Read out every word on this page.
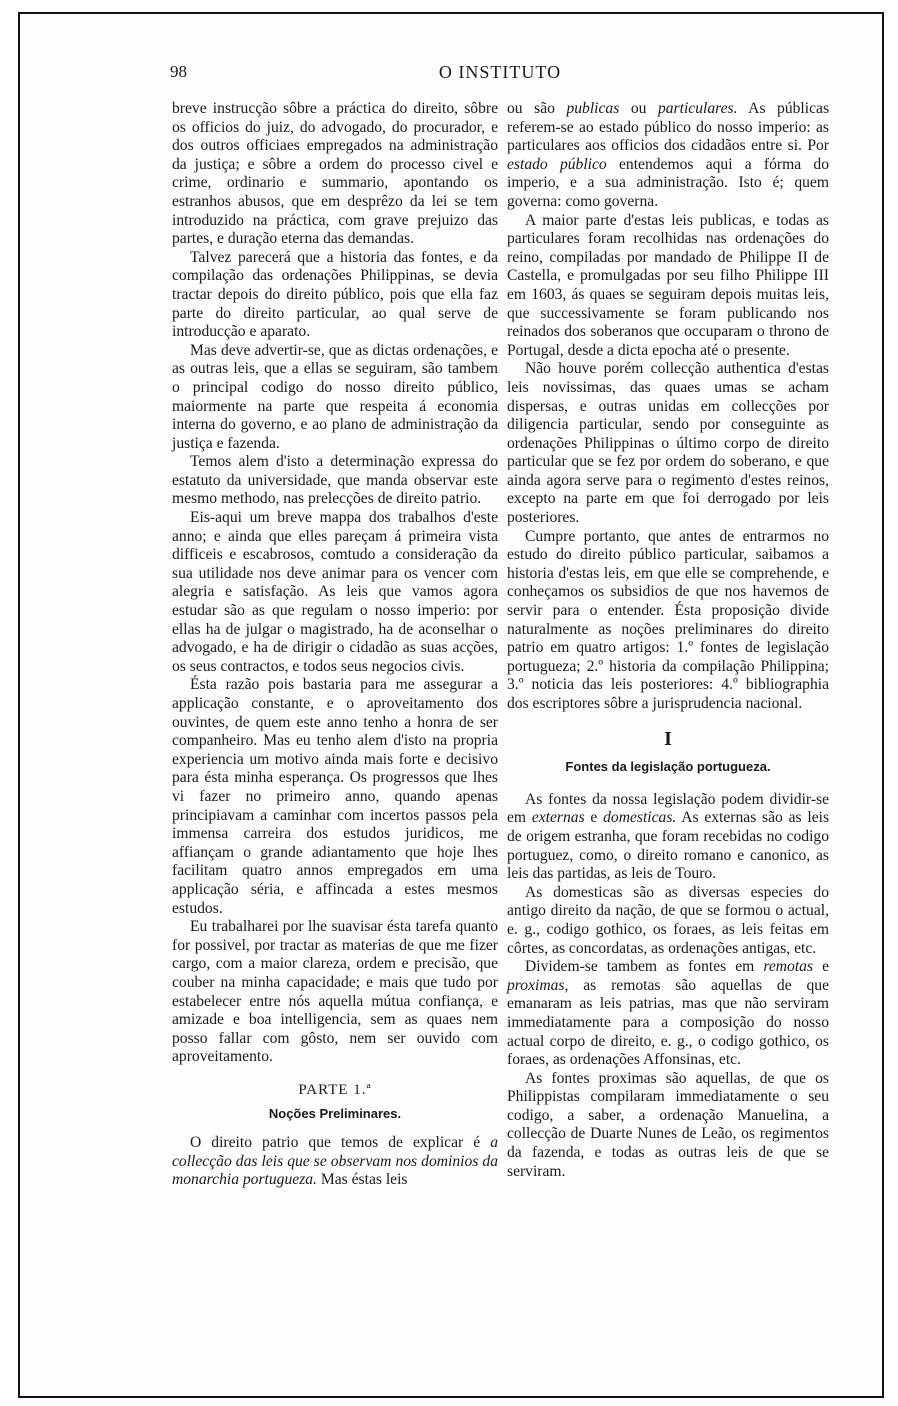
98	O INSTITUTO

breve instrucção sôbre a práctica do direito, sôbre os officios do juiz, do advogado, do procurador, e dos outros officiaes empregados na administração da justiça; e sôbre a ordem do processo civel e crime, ordinario e summario, apontando os estranhos abusos, que em desprêzo da lei se tem introduzido na práctica, com grave prejuizo das partes, e duração eterna das demandas.

Talvez parecerá que a historia das fontes, e da compilação das ordenações Philippinas, se devia tractar depois do direito público, pois que ella faz parte do direito particular, ao qual serve de introducção e aparato.

Mas deve advertir-se, que as dictas ordenações, e as outras leis, que a ellas se seguiram, são tambem o principal codigo do nosso direito público, maiormente na parte que respeita á economia interna do governo, e ao plano de administração da justiça e fazenda.

Temos alem d'isto a determinação expressa do estatuto da universidade, que manda observar este mesmo methodo, nas prelecções de direito patrio.

Eis-aqui um breve mappa dos trabalhos d'este anno; e ainda que elles pareçam á primeira vista difficeis e escabrosos, comtudo a consideração da sua utilidade nos deve animar para os vencer com alegria e satisfação. As leis que vamos agora estudar são as que regulam o nosso imperio: por ellas ha de julgar o magistrado, ha de aconselhar o advogado, e ha de dirigir o cidadão as suas acções, os seus contractos, e todos seus negocios civis.

Ésta razão pois bastaria para me assegurar a applicação constante, e o aproveitamento dos ouvintes, de quem este anno tenho a honra de ser companheiro. Mas eu tenho alem d'isto na propria experiencia um motivo ainda mais forte e decisivo para ésta minha esperança. Os progressos que lhes vi fazer no primeiro anno, quando apenas principiavam a caminhar com incertos passos pela immensa carreira dos estudos juridicos, me affiançam o grande adiantamento que hoje lhes facilitam quatro annos empregados em uma applicação séria, e affincada a estes mesmos estudos.

Eu trabalharei por lhe suavisar ésta tarefa quanto for possivel, por tractar as materias de que me fizer cargo, com a maior clareza, ordem e precisão, que couber na minha capacidade; e mais que tudo por estabelecer entre nós aquella mútua confiança, e amizade e boa intelligencia, sem as quaes nem posso fallar com gôsto, nem ser ouvido com aproveitamento.

PARTE 1.ª
Noções Preliminares.

O direito patrio que temos de explicar é a collecção das leis que se observam nos dominios da monarchia portugueza. Mas éstas leis

ou são publicas ou particulares. As públicas referem-se ao estado público do nosso imperio: as particulares aos officios dos cidadãos entre si. Por estado público entendemos aqui a fórma do imperio, e a sua administração. Isto é; quem governa: como governa.

A maior parte d'estas leis publicas, e todas as particulares foram recolhidas nas ordenações do reino, compiladas por mandado de Philippe II de Castella, e promulgadas por seu filho Philippe III em 1603, ás quaes se seguiram depois muitas leis, que successivamente se foram publicando nos reinados dos soberanos que occuparam o throno de Portugal, desde a dicta epocha até o presente.

Não houve porém collecção authentica d'estas leis novissimas, das quaes umas se acham dispersas, e outras unidas em collecções por diligencia particular, sendo por conseguinte as ordenações Philippinas o último corpo de direito particular que se fez por ordem do soberano, e que ainda agora serve para o regimento d'estes reinos, excepto na parte em que foi derrogado por leis posteriores.

Cumpre portanto, que antes de entrarmos no estudo do direito público particular, saibamos a historia d'estas leis, em que elle se comprehende, e conheçamos os subsidios de que nos havemos de servir para o entender. Ésta proposição divide naturalmente as noções preliminares do direito patrio em quatro artigos: 1.º fontes de legislação portugueza; 2.º historia da compilação Philippina; 3.º noticia das leis posteriores: 4.º bibliographia dos escriptores sôbre a jurisprudencia nacional.

I
Fontes da legislação portugueza.

As fontes da nossa legislação podem dividir-se em externas e domesticas. As externas são as leis de origem estranha, que foram recebidas no codigo portuguez, como, o direito romano e canonico, as leis das partidas, as leis de Touro.

As domesticas são as diversas especies do antigo direito da nação, de que se formou o actual, e. g., codigo gothico, os foraes, as leis feitas em côrtes, as concordatas, as ordenações antigas, etc.

Dividem-se tambem as fontes em remotas e proximas, as remotas são aquellas de que emanaram as leis patrias, mas que não serviram immediatamente para a composição do nosso actual corpo de direito, e. g., o codigo gothico, os foraes, as ordenações Affonsinas, etc.

As fontes proximas são aquellas, de que os Philippistas compilaram immediatamente o seu codigo, a saber, a ordenação Manuelina, a collecção de Duarte Nunes de Leão, os regimentos da fazenda, e todas as outras leis de que se serviram.
